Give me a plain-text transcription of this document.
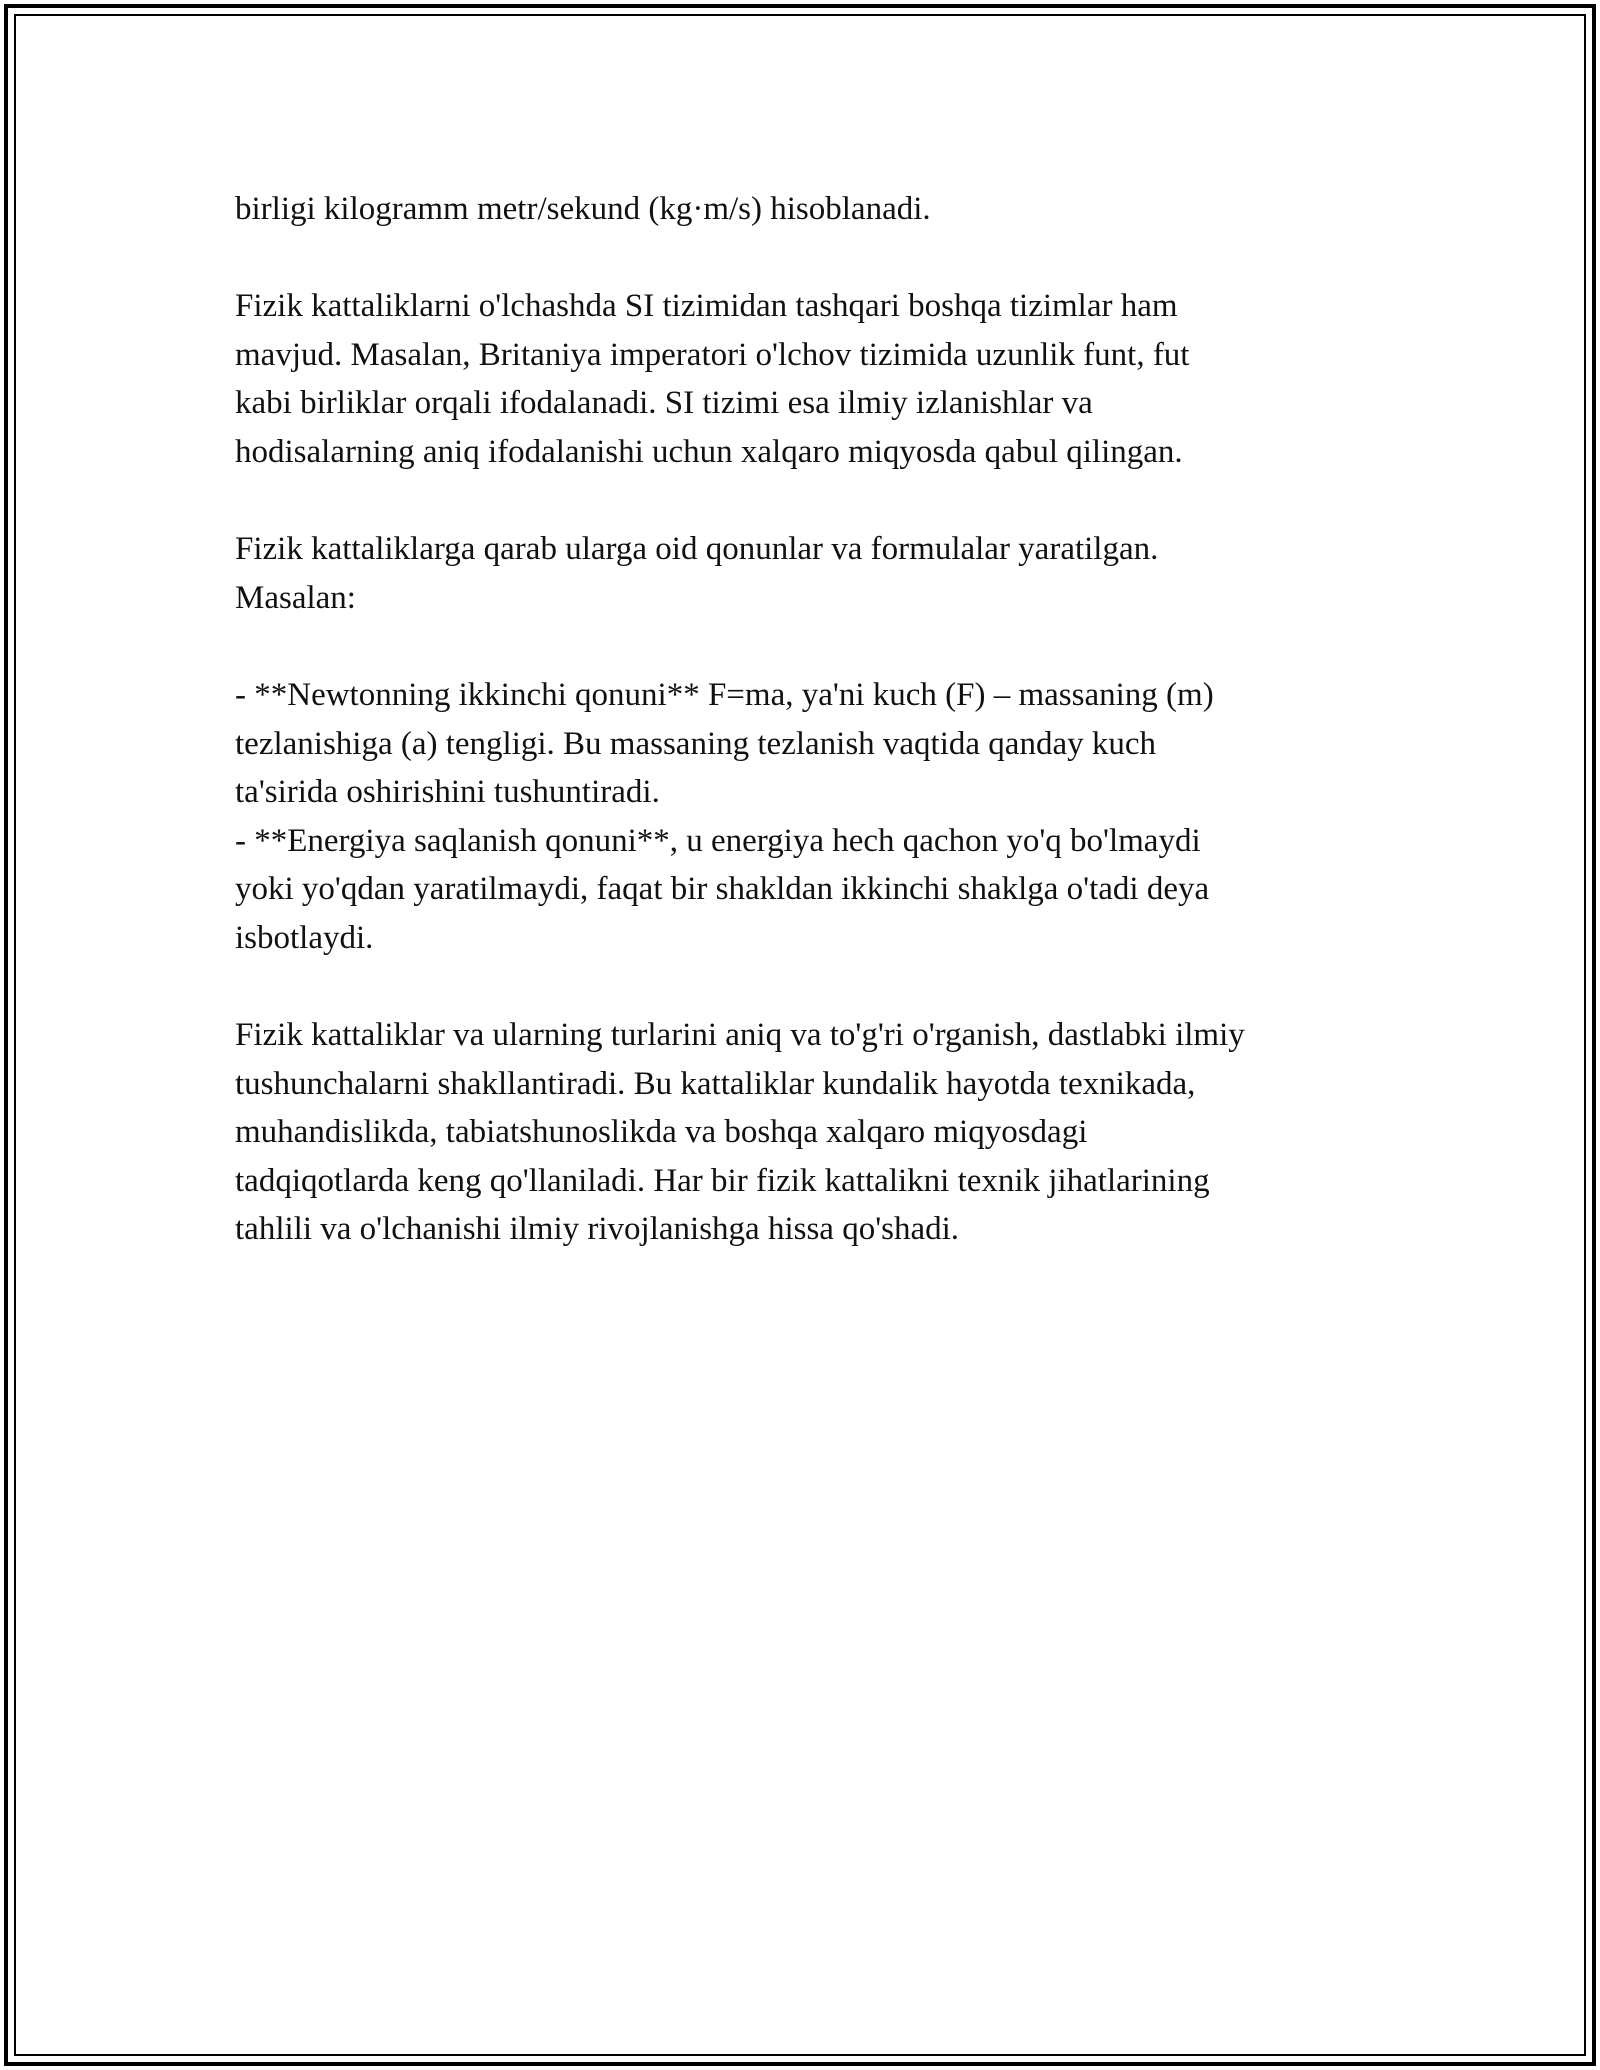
birligi kilogramm metr/sekund (kg·m/s) hisoblanadi.

Fizik kattaliklarni o'lchashda SI tizimidan tashqari boshqa tizimlar ham
mavjud. Masalan, Britaniya imperatori o'lchov tizimida uzunlik funt, fut
kabi birliklar orqali ifodalanadi. SI tizimi esa ilmiy izlanishlar va
hodisalarning aniq ifodalanishi uchun xalqaro miqyosda qabul qilingan.

Fizik kattaliklarga qarab ularga oid qonunlar va formulalar yaratilgan.
Masalan:

- **Newtonning ikkinchi qonuni** F=ma, ya'ni kuch (F) – massaning (m)
tezlanishiga (a) tengligi. Bu massaning tezlanish vaqtida qanday kuch
ta'sirida oshirishini tushuntiradi.

- **Energiya saqlanish qonuni**, u energiya hech qachon yo'q bo'lmaydi
yoki yo'qdan yaratilmaydi, faqat bir shakldan ikkinchi shaklga o'tadi deya
isbotlaydi.

Fizik kattaliklar va ularning turlarini aniq va to'g'ri o'rganish, dastlabki ilmiy
tushunchalarni shakllantiradi. Bu kattaliklar kundalik hayotda texnikada,
muhandislikda, tabiatshunoslikda va boshqa xalqaro miqyosdagi
tadqiqotlarda keng qo'llaniladi. Har bir fizik kattalikni texnik jihatlarining
tahlili va o'lchanishi ilmiy rivojlanishga hissa qo'shadi.
